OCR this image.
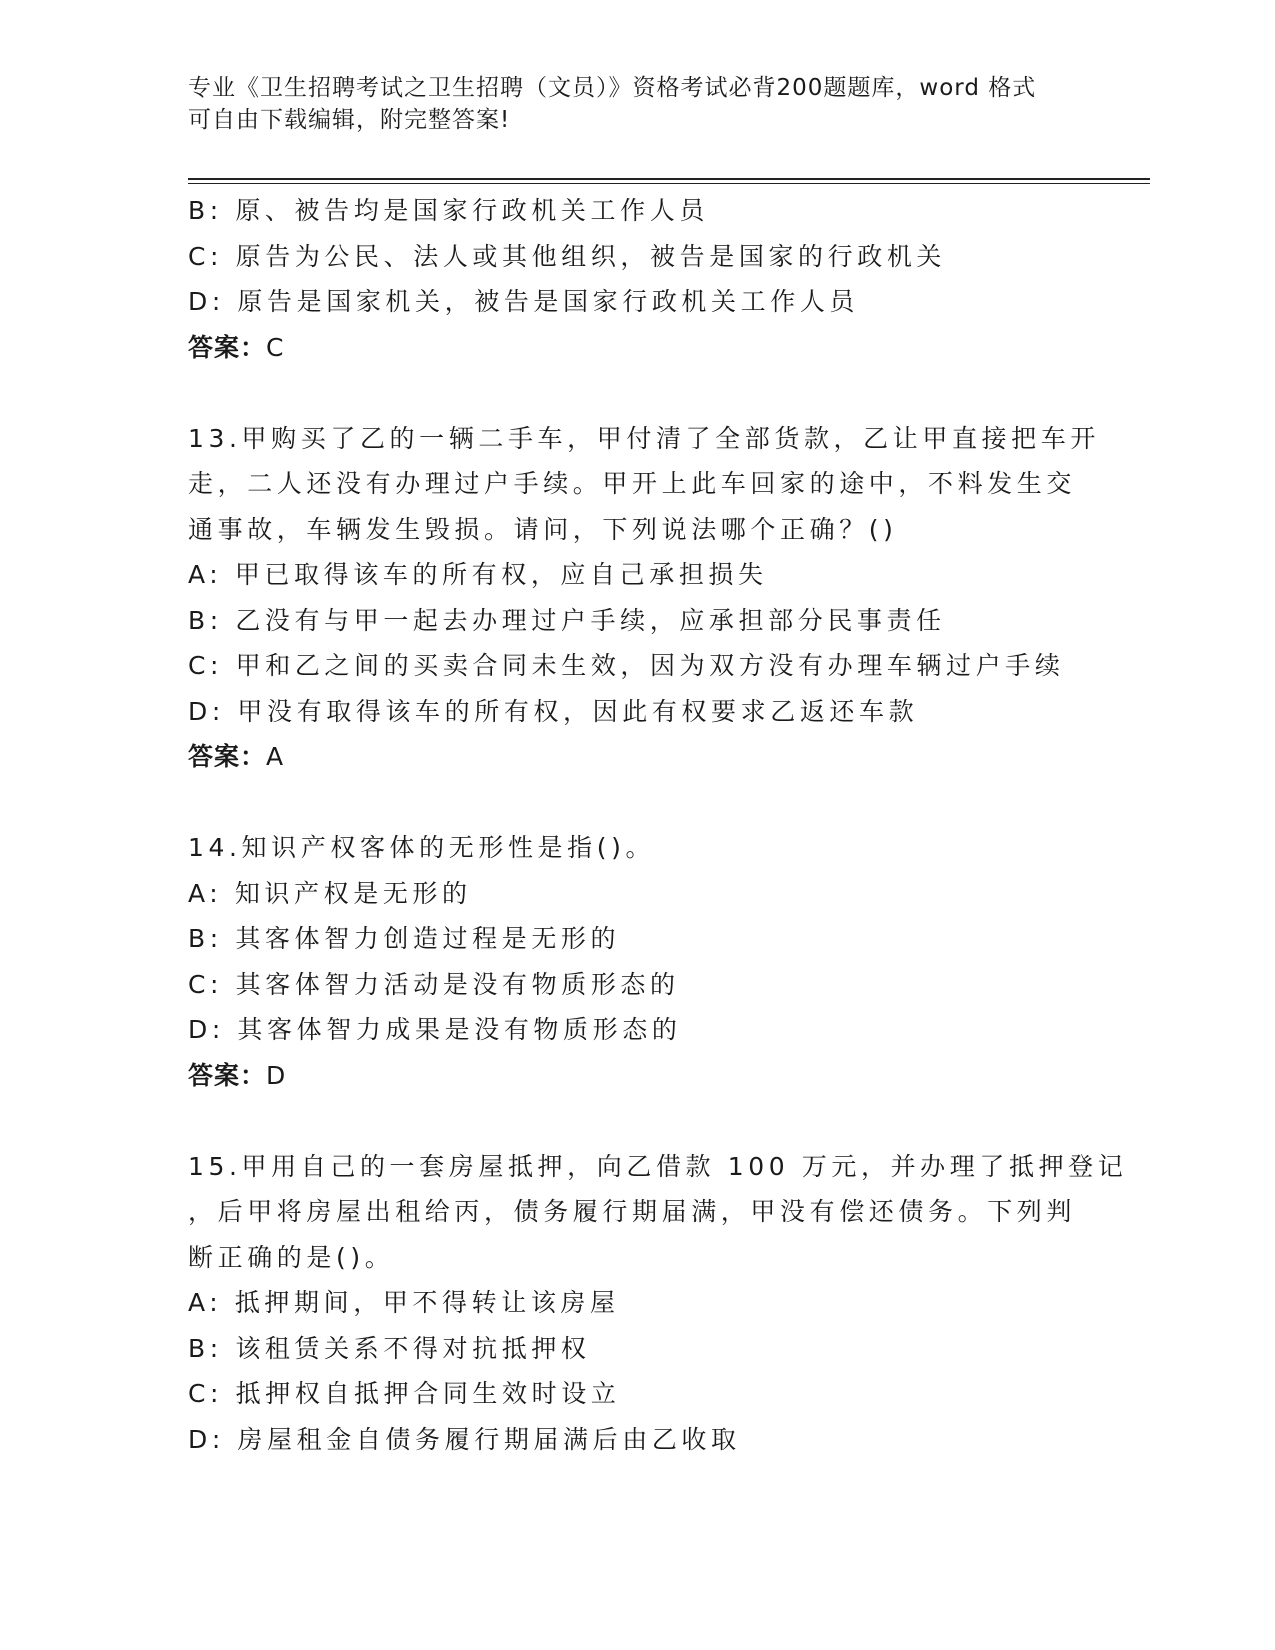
专业《卫生招聘考试之卫生招聘（文员）》资格考试必背200题题库，word 格式
可自由下载编辑，附完整答案!
B: 原、被告均是国家行政机关工作人员
C: 原告为公民、法人或其他组织，被告是国家的行政机关
D: 原告是国家机关，被告是国家行政机关工作人员
答案：C
13.甲购买了乙的一辆二手车，甲付清了全部货款，乙让甲直接把车开
走，二人还没有办理过户手续。甲开上此车回家的途中，不料发生交
通事故，车辆发生毁损。请问，下列说法哪个正确？()
A: 甲已取得该车的所有权，应自己承担损失
B: 乙没有与甲一起去办理过户手续，应承担部分民事责任
C: 甲和乙之间的买卖合同未生效，因为双方没有办理车辆过户手续
D: 甲没有取得该车的所有权，因此有权要求乙返还车款
答案：A
14.知识产权客体的无形性是指()。
A: 知识产权是无形的
B: 其客体智力创造过程是无形的
C: 其客体智力活动是没有物质形态的
D: 其客体智力成果是没有物质形态的
答案：D
15.甲用自己的一套房屋抵押，向乙借款 100 万元，并办理了抵押登记
，后甲将房屋出租给丙，债务履行期届满，甲没有偿还债务。下列判
断正确的是()。
A: 抵押期间，甲不得转让该房屋
B: 该租赁关系不得对抗抵押权
C: 抵押权自抵押合同生效时设立
D: 房屋租金自债务履行期届满后由乙收取
